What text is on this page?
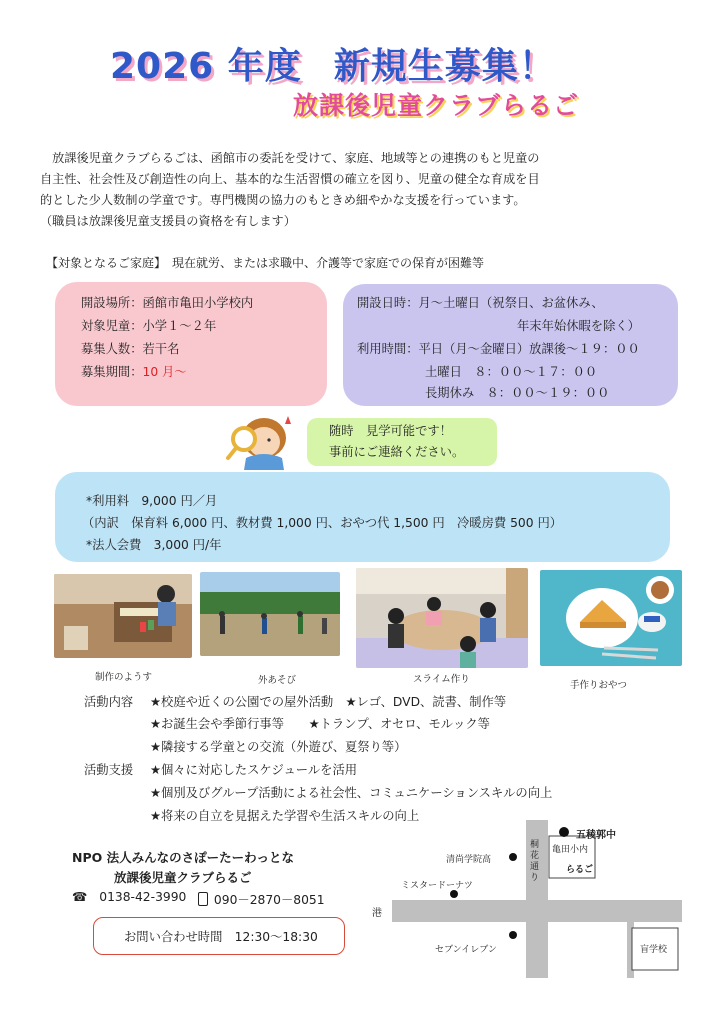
2026 年度 新規生募集！
放課後児童クラブらるご

　放課後児童クラブらるごは、函館市の委託を受けて、家庭、地域等との連携のもと児童の

自主性、社会性及び創造性の向上、基本的な生活習慣の確立を図り、児童の健全な育成を目

的とした少人数制の学童です。専門機関の協力のもときめ細やかな支援を行っています。

（職員は放課後児童支援員の資格を有します）

【対象となるご家庭】　現在就労、または求職中、介護等で家庭での保育が困難等
開設場所：函館市亀田小学校内
対象児童：小学１～２年
募集人数：若干名
募集期間：10 月～
開設日時：月～土曜日（祝祭日、お盆休み、
年末年始休暇を除く）
利用時間：平日（月～金曜日）放課後～１９：００
土曜日　８：００～１７：００
長期休み　８：００～１９：００
随時　見学可能です！
事前にご連絡ください。
*利用料　9,000 円／月
（内訳　保育料 6,000 円、教材費 1,000 円、おやつ代 1,500 円　冷暖房費 500 円）
*法人会費　3,000 円/年
制作のようす	外あそび	スライム作り
手作りおやつ
活動内容 ★校庭や近くの公園での屋外活動　★レゴ、DVD、読書、制作等
★お誕生会や季節行事等　　★トランプ、オセロ、モルック等
★隣接する学童との交流（外遊び、夏祭り等）
活動支援 ★個々に対応したスケジュールを活用
★個別及びグループ活動による社会性、コミュニケーションスキルの向上
★将来の自立を見据えた学習や生活スキルの向上
NPO 法人みんなのさぽーたーわっとな
放課後児童クラブらるご
☎ 0138-42-3990	090－2870－8051
お問い合わせ時間　12:30～18:30
五稜郭中
清尚学院高
ミスタードーナツ
セブンイレブン
桐花通り
亀田小内
らるご
港
盲学校
